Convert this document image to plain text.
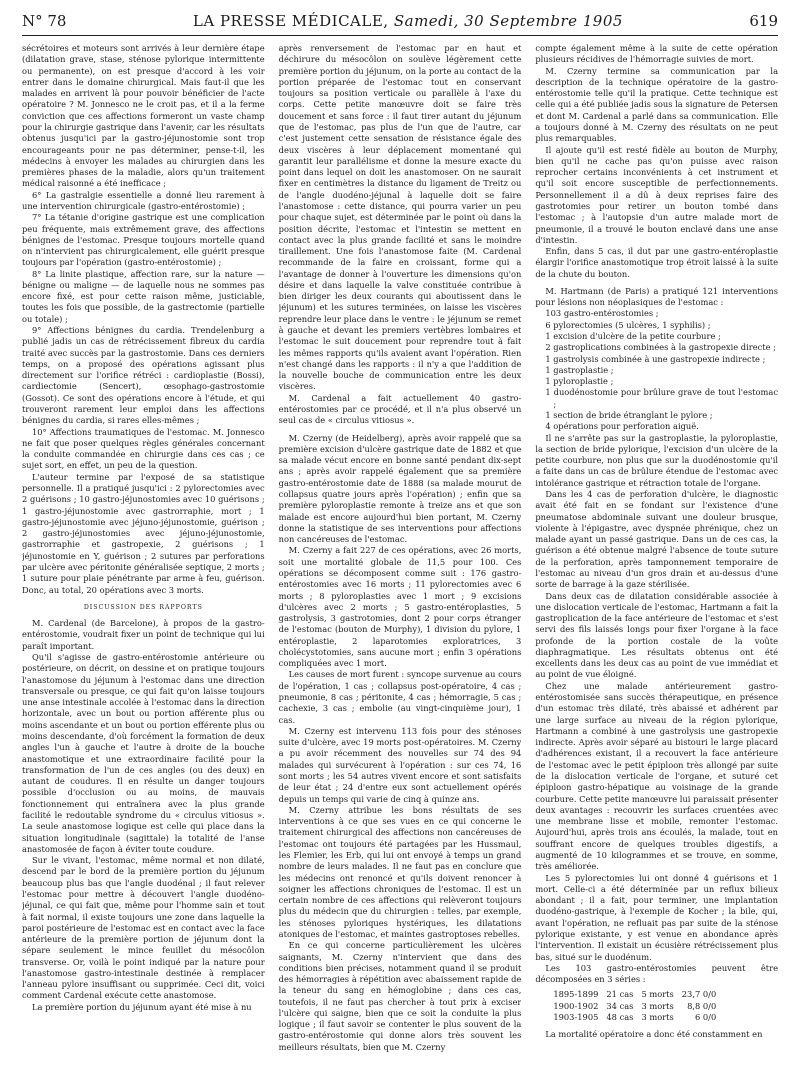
N° 78	LA PRESSE MÉDICALE, Samedi, 30 Septembre 1905	619

sécrétoires et moteurs sont arrivés à leur dernière étape (dilatation grave, stase, sténose pylorique intermittente ou permanente), on est presque d'accord à les voir entrer dans le domaine chirurgical. Mais faut-il que les malades en arrivent là pour pouvoir bénéficier de l'acte opératoire ? M. Jonnesco ne le croit pas, et il a la ferme conviction que ces affections formeront un vaste champ pour la chirurgie gastrique dans l'avenir, car les résultats obtenus jusqu'ici par la gastro-jéjunostomie sont trop encourageants pour ne pas déterminer, pense-t-il, les médecins à envoyer les malades au chirurgien dans les premières phases de la maladie, alors qu'un traitement médical raisonné a été inefficace ;

6° La gastralgie essentielle a donné lieu rarement à une intervention chirurgicale (gastro-entérostomie) ;

7° La tétanie d'origine gastrique est une complication peu fréquente, mais extrêmement grave, des affections bénignes de l'estomac. Presque toujours mortelle quand on n'intervient pas chirurgicalement, elle guérit presque toujours par l'opération (gastro-entérostomie) ;

8° La linite plastique, affection rare, sur la nature — bénigne ou maligne — de laquelle nous ne sommes pas encore fixé, est pour cette raison même, justiciable, toutes les fois que possible, de la gastrectomie (partielle ou totale) ;

9° Affections bénignes du cardia. Trendelenburg a publié jadis un cas de rétrécissement fibreux du cardia traité avec succès par la gastrostomie. Dans ces derniers temps, on a proposé des opérations agissant plus directement sur l'orifice rétréci : cardioplastie (Bossi), cardiectomie (Sencert), œsophago-gastrostomie (Gossot). Ce sont des opérations encore à l'étude, et qui trouveront rarement leur emploi dans les affections bénignes du cardia, si rares elles-mêmes ;

10° Affections traumatiques de l'estomac. M. Jonnesco ne fait que poser quelques règles générales concernant la conduite commandée en chirurgie dans ces cas ; ce sujet sort, en effet, un peu de la question.

L'auteur termine par l'exposé de sa statistique personnelle. Il a pratiqué jusqu'ici : 2 pylorectomies avec 2 guérisons ; 10 gastro-jéjunostomies avec 10 guérisons ; 1 gastro-jéjunostomie avec gastrorraphie, mort ; 1 gastro-jéjunostomie avec jéjuno-jéjunostomie, guérison ; 2 gastro-jéjunostomies avec jéjuno-jéjunostomie, gastrorraphie et gastropexie, 2 guérisons ; 1 jéjunostomie en Y, guérison ; 2 sutures par perforations par ulcère avec péritonite généralisée septique, 2 morts ; 1 suture pour plaie pénétrante par arme à feu, guérison. Donc, au total, 20 opérations avec 3 morts.

DISCUSSION DES RAPPORTS

M. Cardenal (de Barcelone), à propos de la gastro-entérostomie, voudrait fixer un point de technique qui lui paraît important.

Qu'il s'agisse de gastro-entérostomie antérieure ou postérieure, on décrit, on dessine et on pratique toujours l'anastomose du jéjunum à l'estomac dans une direction transversale ou presque, ce qui fait qu'on laisse toujours une anse intestinale accolée à l'estomac dans la direction horizontale, avec un bout ou portion afférente plus ou moins ascendante et un bout ou portion efférente plus ou moins descendante, d'où forcément la formation de deux angles l'un à gauche et l'autre à droite de la bouche anastomotique et une extraordinaire facilité pour la transformation de l'un de ces angles (ou des deux) en autant de coudures. Il en résulte un danger toujours possible d'occlusion ou au moins, de mauvais fonctionnement qui entraînera avec la plus grande facilité le redoutable syndrome du « circulus vitiosus ». La seule anastomose logique est celle qui place dans la situation longitudinale (sagittale) la totalité de l'anse anastomosée de façon à éviter toute coudure.

Sur le vivant, l'estomac, même normal et non dilaté, descend par le bord de la première portion du jéjunum beaucoup plus bas que l'angle duodénal ; il faut relever l'estomac pour mettre à découvert l'angle duodéno-jéjunal, ce qui fait que, même pour l'homme sain et tout à fait normal, il existe toujours une zone dans laquelle la paroi postérieure de l'estomac est en contact avec la face antérieure de la première portion de jéjunum dont la sépare seulement le mince feuillet du mésocôlon transverse. Or, voilà le point indiqué par la nature pour l'anastomose gastro-intestinale destinée à remplacer l'anneau pylore insuffisant ou supprimée. Ceci dit, voici comment Cardenal exécute cette anastomose.

La première portion du jéjunum ayant été mise à nu

après renversement de l'estomac par en haut et déchirure du mésocôlon on soulève légèrement cette première portion du jéjunum, on la porte au contact de la portion préparée de l'estomac tout en conservant toujours sa position verticale ou parallèle à l'axe du corps. Cette petite manœuvre doit se faire très doucement et sans force : il faut tirer autant du jéjunum que de l'estomac, pas plus de l'un que de l'autre, car c'est justement cette sensation de résistance égale des deux viscères à leur déplacement momentané qui garantit leur parallélisme et donne la mesure exacte du point dans lequel on doit les anastomoser. On ne saurait fixer en centimètres la distance du ligament de Treitz ou de l'angle duodéno-jéjunal à laquelle doit se faire l'anastomose : cette distance, qui pourra varier un peu pour chaque sujet, est déterminée par le point où dans la position décrite, l'estomac et l'intestin se mettent en contact avec la plus grande facilité et sans le moindre tiraillement. Une fois l'anastomose faite (M. Cardenal recommande de la faire en croissant, forme qui a l'avantage de donner à l'ouverture les dimensions qu'on désire et dans laquelle la valve constituée contribue à bien diriger les deux courants qui aboutissent dans le jéjunum) et les sutures terminées, on laisse les viscères reprendre leur place dans le ventre : le jéjunum se remet à gauche et devant les premiers vertèbres lombaires et l'estomac le suit doucement pour reprendre tout à fait les mêmes rapports qu'ils avaient avant l'opération. Rien n'est changé dans les rapports : il n'y a que l'addition de la nouvelle bouche de communication entre les deux viscères.

M. Cardenal a fait actuellement 40 gastro-entérostomies par ce procédé, et il n'a plus observé un seul cas de « circulus vitiosus ».

M. Czerny (de Heidelberg), après avoir rappelé que sa première excision d'ulcère gastrique date de 1882 et que sa malade vécut encore en bonne santé pendant dix-sept ans ; après avoir rappelé également que sa première gastro-entérostomie date de 1888 (sa malade mourut de collapsus quatre jours après l'opération) ; enfin que sa première pyloroplastie remonte à treize ans et que son malade est encore aujourd'hui bien portant, M. Czerny donne la statistique de ses interventions pour affections non cancéreuses de l'estomac.

M. Czerny a fait 227 de ces opérations, avec 26 morts, soit une mortalité globale de 11,5 pour 100. Ces opérations se décomposent comme suit : 176 gastro-entérostomies avec 16 morts ; 11 pylorectomies avec 6 morts ; 8 pyloroplasties avec 1 mort ; 9 excisions d'ulcères avec 2 morts ; 5 gastro-entéroplasties, 5 gastrolysis, 3 gastrotomies, dont 2 pour corps étranger de l'estomac (bouton de Murphy), 1 division du pylore, 1 entéroplastie, 2 laparotomies exploratrices, 3 cholécystotomies, sans aucune mort ; enfin 3 opérations compliquées avec 1 mort.

Les causes de mort furent : syncope survenue au cours de l'opération, 1 cas ; collapsus post-opératoire, 4 cas ; pneumonie, 8 cas ; péritonite, 4 cas ; hémorragie, 5 cas ; cachexie, 3 cas ; embolie (au vingt-cinquième jour), 1 cas.

M. Czerny est intervenu 113 fois pour des sténoses suite d'ulcère, avec 19 morts post-opératoires. M. Czerny a pu avoir récemment des nouvelles sur 74 des 94 malades qui survécurent à l'opération : sur ces 74, 16 sont morts ; les 54 autres vivent encore et sont satisfaits de leur état ; 24 d'entre eux sont actuellement opérés depuis un temps qui varie de cinq à quinze ans.

M. Czerny attribue les bons résultats de ses interventions à ce que ses vues en ce qui concerne le traitement chirurgical des affections non cancéreuses de l'estomac ont toujours été partagées par les Hussmaul, les Flemier, les Erb, qui lui ont envoyé à temps un grand nombre de leurs malades. Il ne faut pas en conclure que les médecins ont renoncé et qu'ils doivent renoncer à soigner les affections chroniques de l'estomac. Il est un certain nombre de ces affections qui relèveront toujours plus du médecin que du chirurgien : telles, par exemple, les sténoses pyloriques hystériques, les dilatations atoniques de l'estomac, et maintes gastroptoses rebelles.

En ce qui concerne particulièrement les ulcères saignants, M. Czerny n'intervient que dans des conditions bien précises, notamment quand il se produit des hémorragies à répétition avec abaissement rapide de la teneur du sang en hémoglobine ; dans ces cas, toutefois, il ne faut pas chercher à tout prix à exciser l'ulcère qui saigne, bien que ce soit la conduite la plus logique ; il faut savoir se contenter le plus souvent de la gastro-entérostomie qui donne alors très souvent les meilleurs résultats, bien que M. Czerny

compte également même à la suite de cette opération plusieurs récidives de l'hémorragie suivies de mort.

M. Czerny termine sa communication par la description de la technique opératoire de la gastro-entérostomie telle qu'il la pratique. Cette technique est celle qui a été publiée jadis sous la signature de Petersen et dont M. Cardenal a parlé dans sa communication. Elle a toujours donné à M. Czerny des résultats on ne peut plus remarquables.

Il ajoute qu'il est resté fidèle au bouton de Murphy, bien qu'il ne cache pas qu'on puisse avec raison reprocher certains inconvénients à cet instrument et qu'il soit encore susceptible de perfectionnements. Personnellement il a dû à deux reprises faire des gastrotomies pour retirer un bouton tombé dans l'estomac ; à l'autopsie d'un autre malade mort de pneumonie, il a trouvé le bouton enclavé dans une anse d'intestin.

Enfin, dans 5 cas, il dut par une gastro-entéroplastie élargir l'orifice anastomotique trop étroit laissé à la suite de la chute du bouton.

M. Hartmann (de Paris) a pratiqué 121 interventions pour lésions non néoplasiques de l'estomac :

103 gastro-entérostomies ;
6 pylorectomies (5 ulcères, 1 syphilis) ;
1 excision d'ulcère de la petite courbure ;
2 gastroplications combinées à la gastropexie directe ;
1 gastrolysis combinée à une gastropexie indirecte ;
1 gastroplastie ;
1 pyloroplastie ;
1 duodénostomie pour brûlure grave de tout l'estomac ;
1 section de bride étranglant le pylore ;
4 opérations pour perforation aiguë.

Il ne s'arrête pas sur la gastroplastie, la pyloroplastie, la section de bride pylorique, l'excision d'un ulcère de la petite courbure, non plus que sur la duodénostomie qu'il a faite dans un cas de brûlure étendue de l'estomac avec intolérance gastrique et rétraction totale de l'organe.

Dans les 4 cas de perforation d'ulcère, le diagnostic avait été fait en se fondant sur l'existence d'une pneumatose abdominale suivant une douleur brusque, violente à l'épigastre, avec dyspnée phrénique, chez un malade ayant un passé gastrique. Dans un de ces cas, la guérison a été obtenue malgré l'absence de toute suture de la perforation, après tamponnement temporaire de l'estomac au niveau d'un gros drain et au-dessus d'une sorte de barrage à la gaze stérilisée.

Dans deux cas de dilatation considérable associée à une dislocation verticale de l'estomac, Hartmann a fait la gastroplication de la face antérieure de l'estomac et s'est servi des fils laissés longs pour fixer l'organe à la face profonde de la portion costale de la voûte diaphragmatique. Les résultats obtenus ont été excellents dans les deux cas au point de vue immédiat et au point de vue éloigné.

Chez une malade antérieurement gastro-entérostomisée sans succès thérapeutique, en présence d'un estomac très dilaté, très abaissé et adhérent par une large surface au niveau de la région pylorique, Hartmann a combiné à une gastrolysis une gastropexie indirecte. Après avoir séparé au bistouri le large placard d'adhérences existant, il a recouvert la face antérieure de l'estomac avec le petit épiploon très allongé par suite de la dislocation verticale de l'organe, et suturé cet épiploon gastro-hépatique au voisinage de la grande courbure. Cette petite manœuvre lui paraissait présenter deux avantages : recouvrir les surfaces cruentées avec une membrane lisse et mobile, remonter l'estomac. Aujourd'hui, après trois ans écoulés, la malade, tout en souffrant encore de quelques troubles digestifs, a augmenté de 10 kilogrammes et se trouve, en somme, très améliorée.

Les 5 pylorectomies lui ont donné 4 guérisons et 1 mort. Celle-ci a été déterminée par un reflux bilieux abondant ; il a fait, pour terminer, une implantation duodéno-gastrique, à l'exemple de Kocher ; la bile, qui, avant l'opération, ne refluait pas par suite de la sténose pylorique existante, y est venue en abondance après l'intervention. Il existait un écusière rétrécissement plus bas, situé sur le duodénum.

Les 103 gastro-entérostomies peuvent être décomposées en 3 séries :

1895-1899	21 cas	5 morts	23,7 0/0
1900-1902	34 cas	3 morts	8,8 0/0
1903-1905	48 cas	3 morts	6 0/0

La mortalité opératoire a donc été constamment en
